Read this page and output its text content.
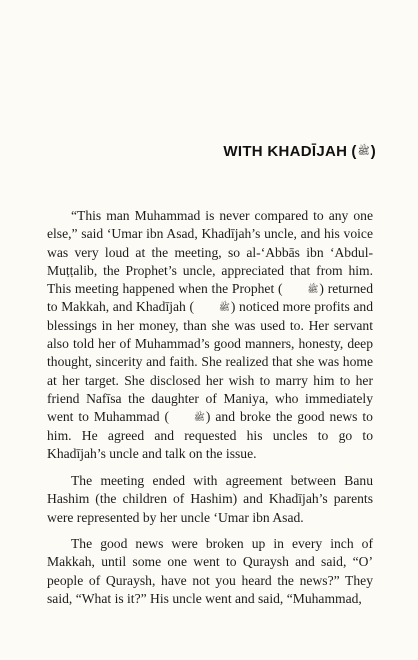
WITH KHADĪJAH ( ﷺ )

“This man Muhammad is never compared to any one else,” said ‘Umar ibn Asad, Khadījah’s uncle, and his voice was very loud at the meeting, so al-‘Abbās ibn ‘Abdul-Muṭṭalib, the Prophet’s uncle, appreciated that from him. This meeting happened when the Prophet (	ﷺ) returned to Makkah, and Khadījah (	ﷺ) noticed more profits and blessings in her money, than she was used to. Her servant also told her of Muhammad’s good manners, honesty, deep thought, sincerity and faith. She realized that she was home at her target. She disclosed her wish to marry him to her friend Nafīsa the daughter of Maniya, who immediately went to Muhammad (	ﷺ) and broke the good news to him. He agreed and requested his uncles to go to Khadījah’s uncle and talk on the issue.

The meeting ended with agreement between Banu Hashim (the children of Hashim) and Khadījah’s parents were represented by her uncle ‘Umar ibn Asad.

The good news were broken up in every inch of Makkah, until some one went to Quraysh and said, “O’ people of Quraysh, have not you heard the news?” They said, “What is it?” His uncle went and said, “Muhammad,
